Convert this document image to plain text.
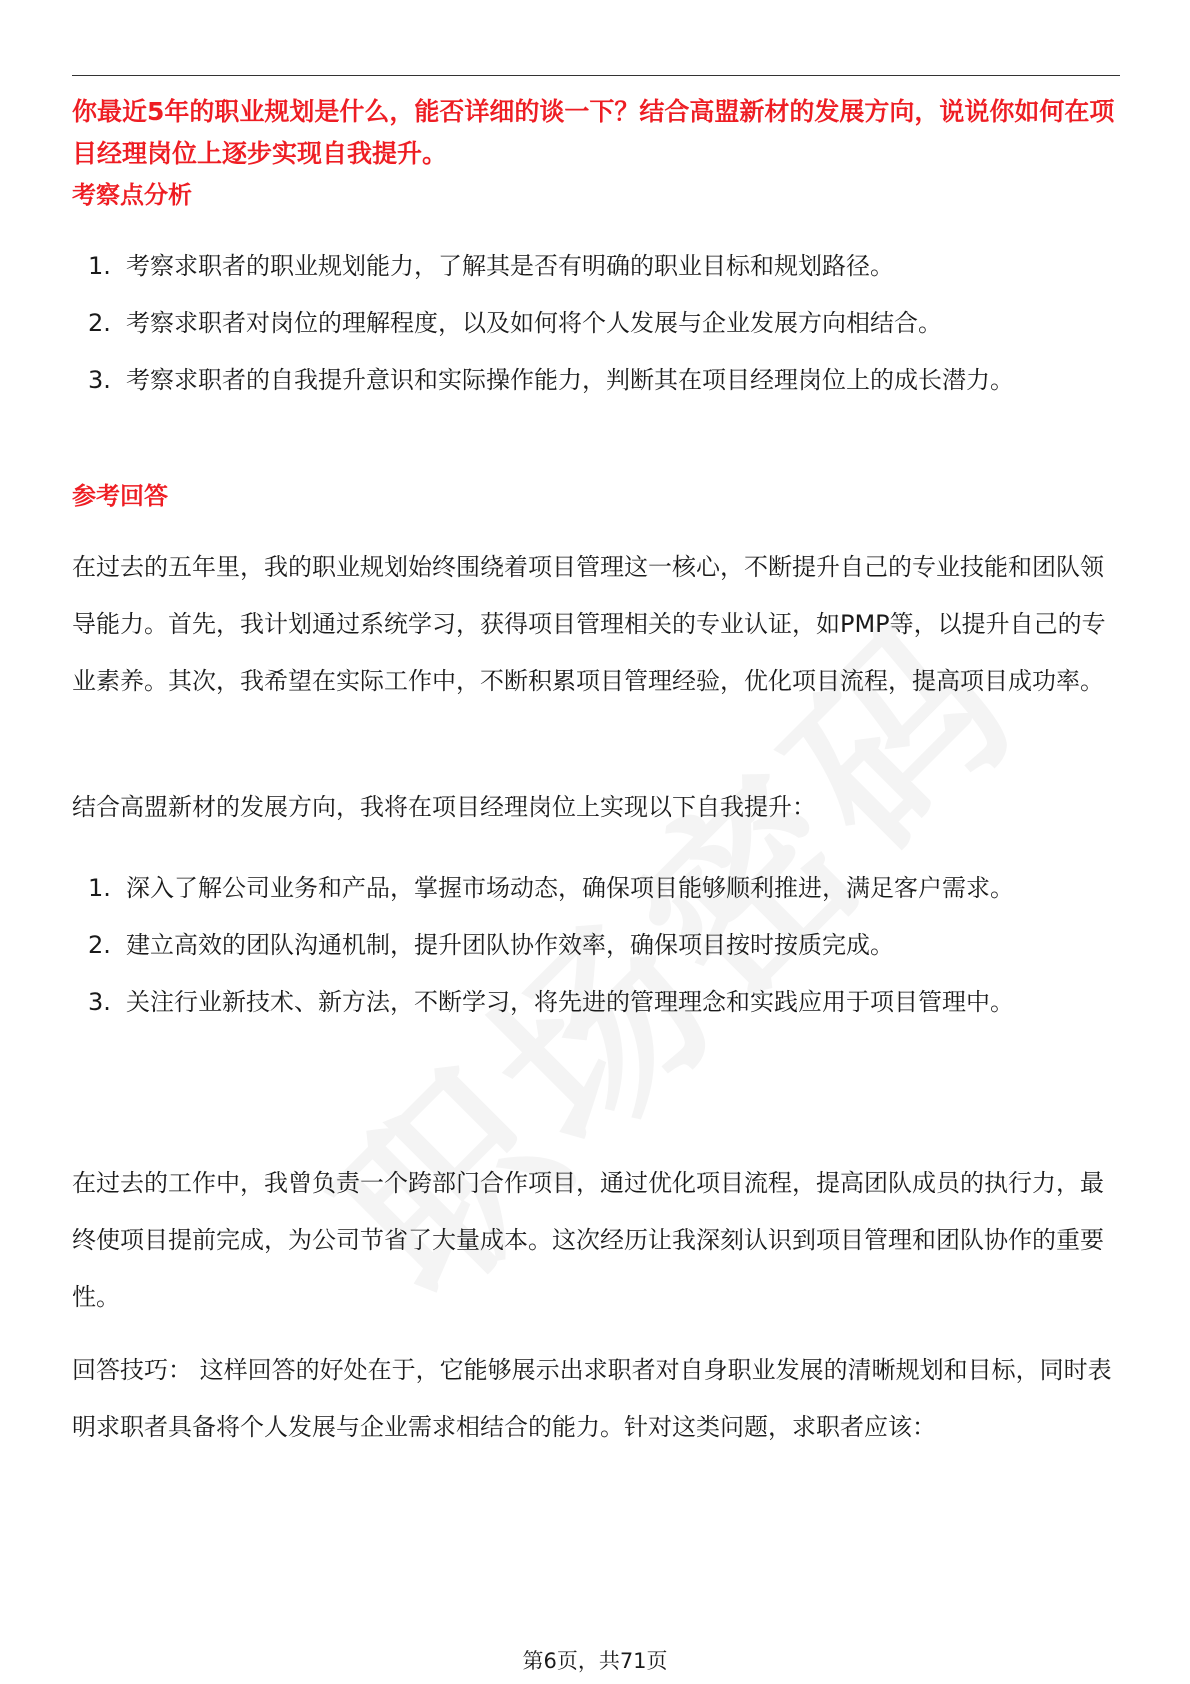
你最近5年的职业规划是什么，能否详细的谈一下？结合高盟新材的发展方向，说说你如何在项目经理岗位上逐步实现自我提升。

考察点分析
1. 考察求职者的职业规划能力，了解其是否有明确的职业目标和规划路径。
2. 考察求职者对岗位的理解程度，以及如何将个人发展与企业发展方向相结合。
3. 考察求职者的自我提升意识和实际操作能力，判断其在项目经理岗位上的成长潜力。
参考回答

在过去的五年里，我的职业规划始终围绕着项目管理这一核心，不断提升自己的专业技能和团队领导能力。首先，我计划通过系统学习，获得项目管理相关的专业认证，如PMP等，以提升自己的专业素养。其次，我希望在实际工作中，不断积累项目管理经验，优化项目流程，提高项目成功率。

结合高盟新材的发展方向，我将在项目经理岗位上实现以下自我提升：

1. 深入了解公司业务和产品，掌握市场动态，确保项目能够顺利推进，满足客户需求。
2. 建立高效的团队沟通机制，提升团队协作效率，确保项目按时按质完成。
3. 关注行业新技术、新方法，不断学习，将先进的管理理念和实践应用于项目管理中。

在过去的工作中，我曾负责一个跨部门合作项目，通过优化项目流程，提高团队成员的执行力，最终使项目提前完成，为公司节省了大量成本。这次经历让我深刻认识到项目管理和团队协作的重要性。

回答技巧： 这样回答的好处在于，它能够展示出求职者对自身职业发展的清晰规划和目标，同时表明求职者具备将个人发展与企业需求相结合的能力。针对这类问题，求职者应该：

第6页，共71页
